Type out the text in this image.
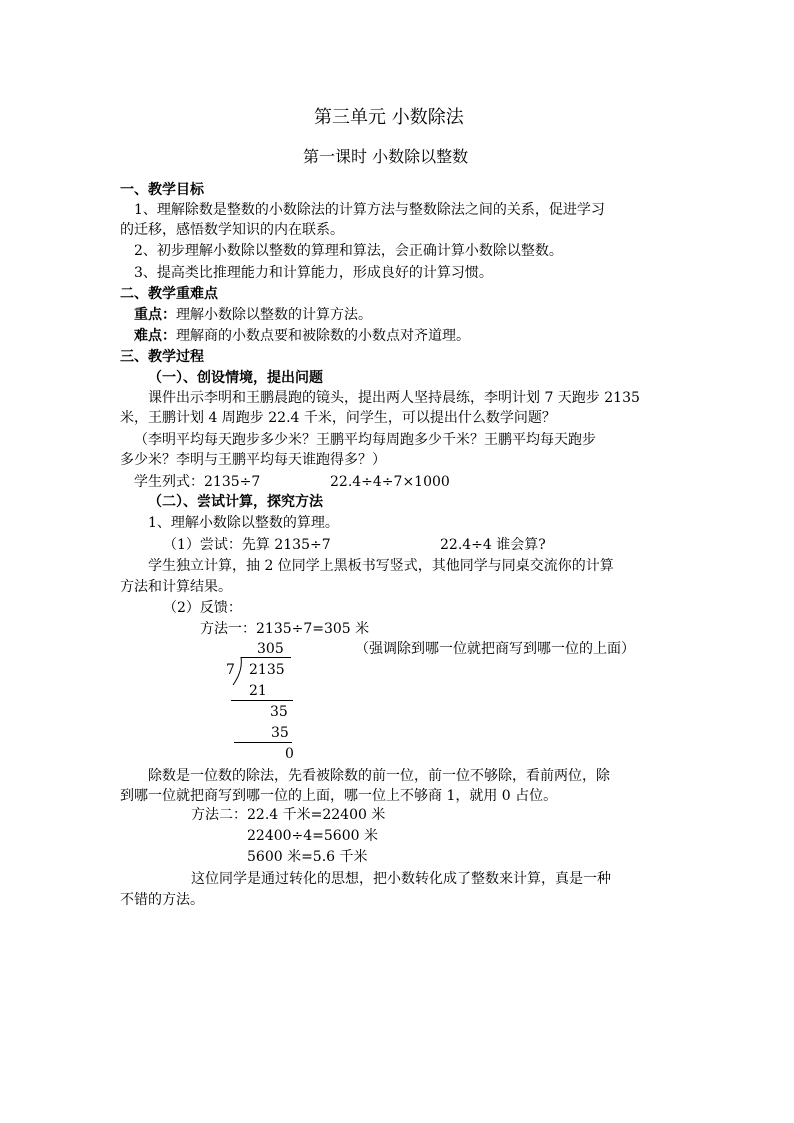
第三单元 小数除法
第一课时 小数除以整数
一、教学目标
1、理解除数是整数的小数除法的计算方法与整数除法之间的关系，促进学习
的迁移，感悟数学知识的内在联系。
2、初步理解小数除以整数的算理和算法，会正确计算小数除以整数。
3、提高类比推理能力和计算能力，形成良好的计算习惯。
二、教学重难点
重点：理解小数除以整数的计算方法。
难点：理解商的小数点要和被除数的小数点对齐道理。
三、教学过程
（一）、创设情境，提出问题
课件出示李明和王鹏晨跑的镜头，提出两人坚持晨练，李明计划 7 天跑步 2135
米，王鹏计划 4 周跑步 22.4 千米，问学生，可以提出什么数学问题？
（李明平均每天跑步多少米？王鹏平均每周跑多少千米？王鹏平均每天跑步
多少米？李明与王鹏平均每天谁跑得多？）
学生列式：2135÷7	22.4÷4÷7×1000
（二）、尝试计算，探究方法
1、理解小数除以整数的算理。
（1）尝试：先算 2135÷7	22.4÷4 谁会算?
学生独立计算，抽 2 位同学上黑板书写竖式，其他同学与同桌交流你的计算
方法和计算结果。
（2）反馈：
方法一：2135÷7=305 米
305	（强调除到哪一位就把商写到哪一位的上面）
7 2135
21
35
35
0
除数是一位数的除法，先看被除数的前一位，前一位不够除，看前两位，除
到哪一位就把商写到哪一位的上面，哪一位上不够商 1，就用 0 占位。
方法二：22.4 千米=22400 米
22400÷4=5600 米
5600 米=5.6 千米
这位同学是通过转化的思想，把小数转化成了整数来计算，真是一种
不错的方法。
